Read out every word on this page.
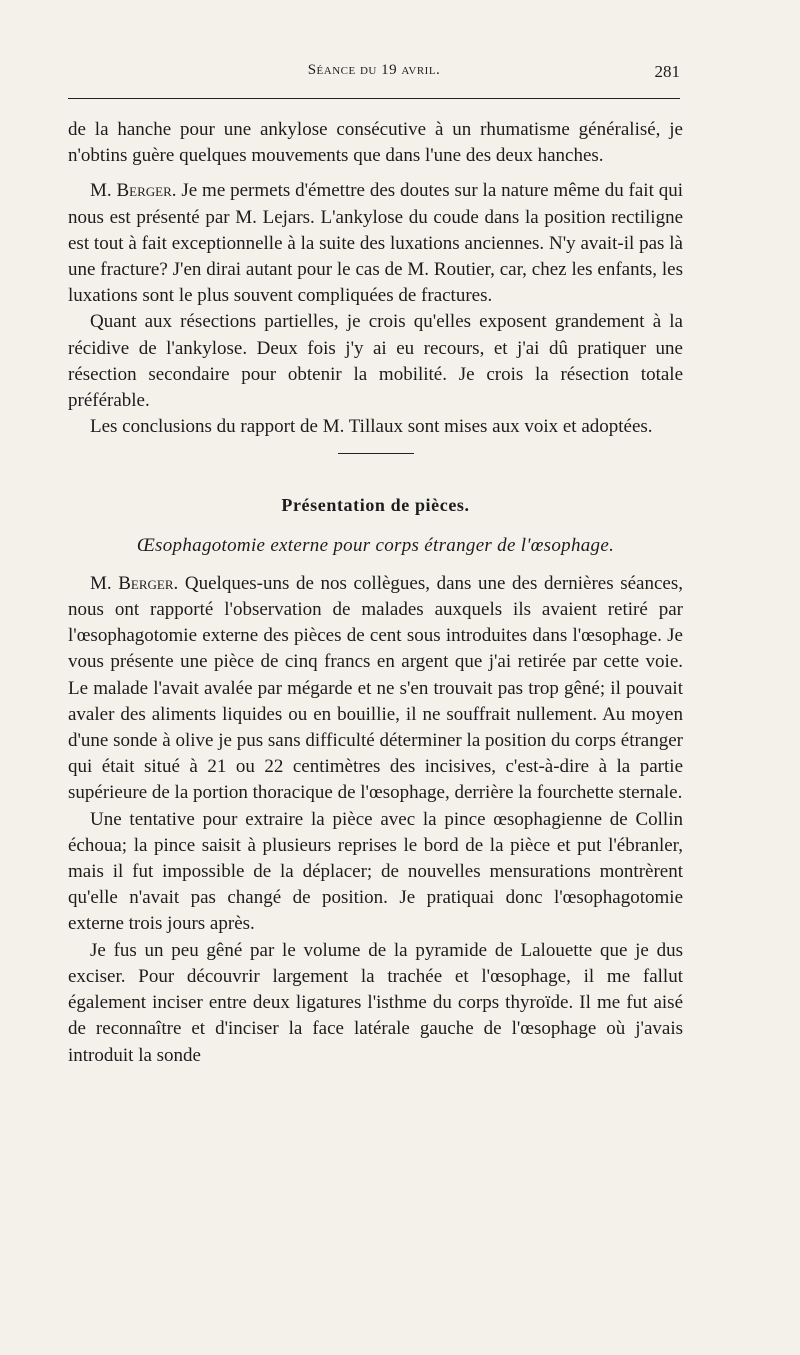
Séance du 19 avril.	281

de la hanche pour une ankylose consécutive à un rhumatisme généralisé, je n'obtins guère quelques mouvements que dans l'une des deux hanches.

M. Berger. Je me permets d'émettre des doutes sur la nature même du fait qui nous est présenté par M. Lejars. L'ankylose du coude dans la position rectiligne est tout à fait exceptionnelle à la suite des luxations anciennes. N'y avait-il pas là une fracture? J'en dirai autant pour le cas de M. Routier, car, chez les enfants, les luxations sont le plus souvent compliquées de fractures.

Quant aux résections partielles, je crois qu'elles exposent grandement à la récidive de l'ankylose. Deux fois j'y ai eu recours, et j'ai dû pratiquer une résection secondaire pour obtenir la mobilité. Je crois la résection totale préférable.

Les conclusions du rapport de M. Tillaux sont mises aux voix et adoptées.

Présentation de pièces.
Œsophagotomie externe pour corps étranger de l'œsophage.

M. Berger. Quelques-uns de nos collègues, dans une des dernières séances, nous ont rapporté l'observation de malades auxquels ils avaient retiré par l'œsophagotomie externe des pièces de cent sous introduites dans l'œsophage. Je vous présente une pièce de cinq francs en argent que j'ai retirée par cette voie. Le malade l'avait avalée par mégarde et ne s'en trouvait pas trop gêné; il pouvait avaler des aliments liquides ou en bouillie, il ne souffrait nullement. Au moyen d'une sonde à olive je pus sans difficulté déterminer la position du corps étranger qui était situé à 21 ou 22 centimètres des incisives, c'est-à-dire à la partie supérieure de la portion thoracique de l'œsophage, derrière la fourchette sternale.

Une tentative pour extraire la pièce avec la pince œsophagienne de Collin échoua; la pince saisit à plusieurs reprises le bord de la pièce et put l'ébranler, mais il fut impossible de la déplacer; de nouvelles mensurations montrèrent qu'elle n'avait pas changé de position. Je pratiquai donc l'œsophagotomie externe trois jours après.

Je fus un peu gêné par le volume de la pyramide de Lalouette que je dus exciser. Pour découvrir largement la trachée et l'œsophage, il me fallut également inciser entre deux ligatures l'isthme du corps thyroïde. Il me fut aisé de reconnaître et d'inciser la face latérale gauche de l'œsophage où j'avais introduit la sonde
